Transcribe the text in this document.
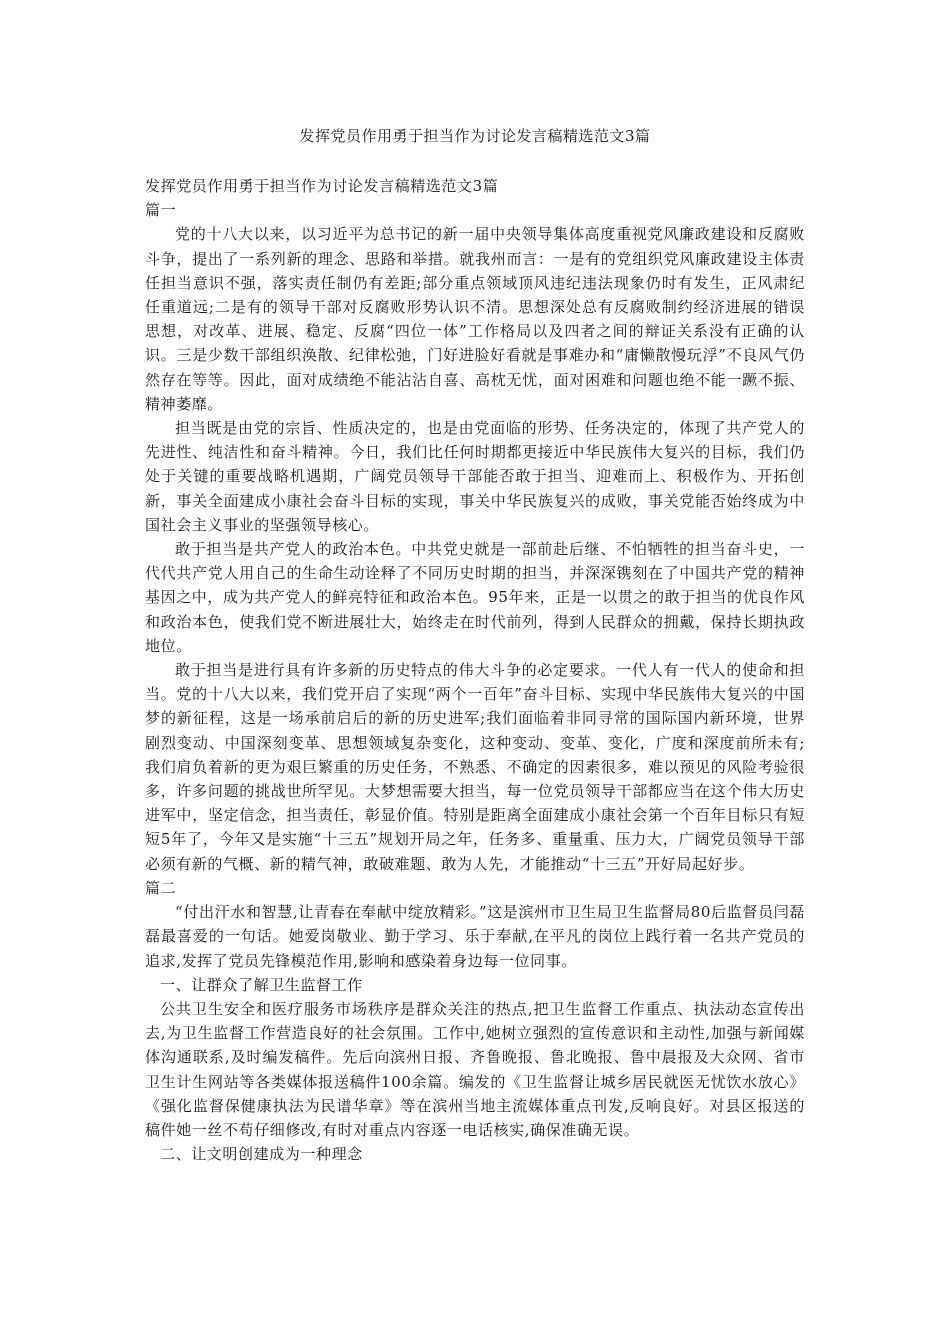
发挥党员作用勇于担当作为讨论发言稿精选范文3篇

发挥党员作用勇于担当作为讨论发言稿精选范文3篇

篇一

党的十八大以来，以习近平为总书记的新一届中央领导集体高度重视党风廉政建设和反腐败斗争，提出了一系列新的理念、思路和举措。就我州而言：一是有的党组织党风廉政建设主体责任担当意识不强，落实责任制仍有差距;部分重点领域顶风违纪违法现象仍时有发生，正风肃纪任重道远;二是有的领导干部对反腐败形势认识不清。思想深处总有反腐败制约经济进展的错误思想，对改革、进展、稳定、反腐“四位一体”工作格局以及四者之间的辩证关系没有正确的认识。三是少数干部组织涣散、纪律松弛，门好进脸好看就是事难办和“庸懒散慢玩浮”不良风气仍然存在等等。因此，面对成绩绝不能沾沾自喜、高枕无忧，面对困难和问题也绝不能一蹶不振、精神萎靡。

担当既是由党的宗旨、性质决定的，也是由党面临的形势、任务决定的，体现了共产党人的先进性、纯洁性和奋斗精神。今日，我们比任何时期都更接近中华民族伟大复兴的目标，我们仍处于关键的重要战略机遇期，广阔党员领导干部能否敢于担当、迎难而上、积极作为、开拓创新，事关全面建成小康社会奋斗目标的实现，事关中华民族复兴的成败，事关党能否始终成为中国社会主义事业的坚强领导核心。

敢于担当是共产党人的政治本色。中共党史就是一部前赴后继、不怕牺牲的担当奋斗史，一代代共产党人用自己的生命生动诠释了不同历史时期的担当，并深深镌刻在了中国共产党的精神基因之中，成为共产党人的鲜亮特征和政治本色。95年来，正是一以贯之的敢于担当的优良作风和政治本色，使我们党不断进展壮大，始终走在时代前列，得到人民群众的拥戴，保持长期执政地位。

敢于担当是进行具有许多新的历史特点的伟大斗争的必定要求。一代人有一代人的使命和担当。党的十八大以来，我们党开启了实现“两个一百年”奋斗目标、实现中华民族伟大复兴的中国梦的新征程，这是一场承前启后的新的历史进军;我们面临着非同寻常的国际国内新环境，世界剧烈变动、中国深刻变革、思想领域复杂变化，这种变动、变革、变化，广度和深度前所未有;我们肩负着新的更为艰巨繁重的历史任务，不熟悉、不确定的因素很多，难以预见的风险考验很多，许多问题的挑战世所罕见。大梦想需要大担当，每一位党员领导干部都应当在这个伟大历史进军中，坚定信念，担当责任，彰显价值。特别是距离全面建成小康社会第一个百年目标只有短短5年了，今年又是实施“十三五”规划开局之年，任务多、重量重、压力大，广阔党员领导干部必须有新的气概、新的精气神，敢破难题、敢为人先，才能推动“十三五”开好局起好步。

篇二

“付出汗水和智慧,让青春在奉献中绽放精彩。”这是滨州市卫生局卫生监督局80后监督员闫磊磊最喜爱的一句话。她爱岗敬业、勤于学习、乐于奉献,在平凡的岗位上践行着一名共产党员的追求,发挥了党员先锋模范作用,影响和感染着身边每一位同事。

一、让群众了解卫生监督工作

公共卫生安全和医疗服务市场秩序是群众关注的热点,把卫生监督工作重点、执法动态宣传出去,为卫生监督工作营造良好的社会氛围。工作中,她树立强烈的宣传意识和主动性,加强与新闻媒体沟通联系,及时编发稿件。先后向滨州日报、齐鲁晚报、鲁北晚报、鲁中晨报及大众网、省市卫生计生网站等各类媒体报送稿件100余篇。编发的《卫生监督让城乡居民就医无忧饮水放心》《强化监督保健康执法为民谱华章》等在滨州当地主流媒体重点刊发,反响良好。对县区报送的稿件她一丝不苟仔细修改,有时对重点内容逐一电话核实,确保准确无误。

二、让文明创建成为一种理念
